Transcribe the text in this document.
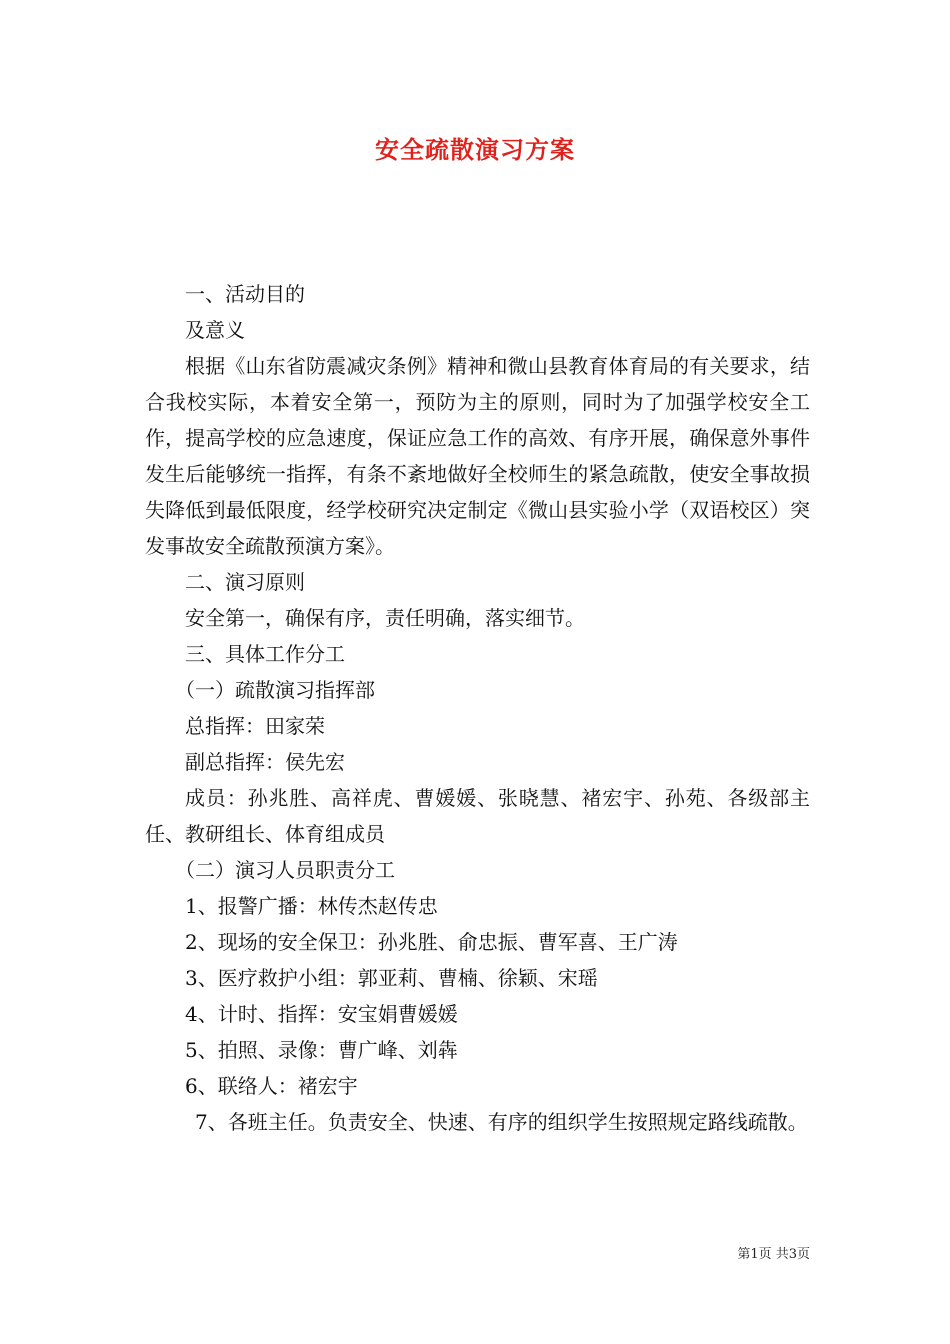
安全疏散演习方案

一、活动目的

及意义

根据《山东省防震减灾条例》精神和微山县教育体育局的有关要求，结合我校实际，本着安全第一，预防为主的原则，同时为了加强学校安全工作，提高学校的应急速度，保证应急工作的高效、有序开展，确保意外事件发生后能够统一指挥，有条不紊地做好全校师生的紧急疏散，使安全事故损失降低到最低限度，经学校研究决定制定《微山县实验小学（双语校区）突发事故安全疏散预演方案》。

二、演习原则

安全第一，确保有序，责任明确，落实细节。

三、具体工作分工

（一）疏散演习指挥部

总指挥：田家荣

副总指挥：侯先宏

成员：孙兆胜、高祥虎、曹媛媛、张晓慧、褚宏宇、孙苑、各级部主任、教研组长、体育组成员

（二）演习人员职责分工

1、报警广播：林传杰赵传忠

2、现场的安全保卫：孙兆胜、俞忠振、曹军喜、王广涛

3、医疗救护小组：郭亚莉、曹楠、徐颖、宋瑶

4、计时、指挥：安宝娟曹媛媛

5、拍照、录像：曹广峰、刘犇

6、联络人：褚宏宇

7、各班主任。负责安全、快速、有序的组织学生按照规定路线疏散。

第1页 共3页
